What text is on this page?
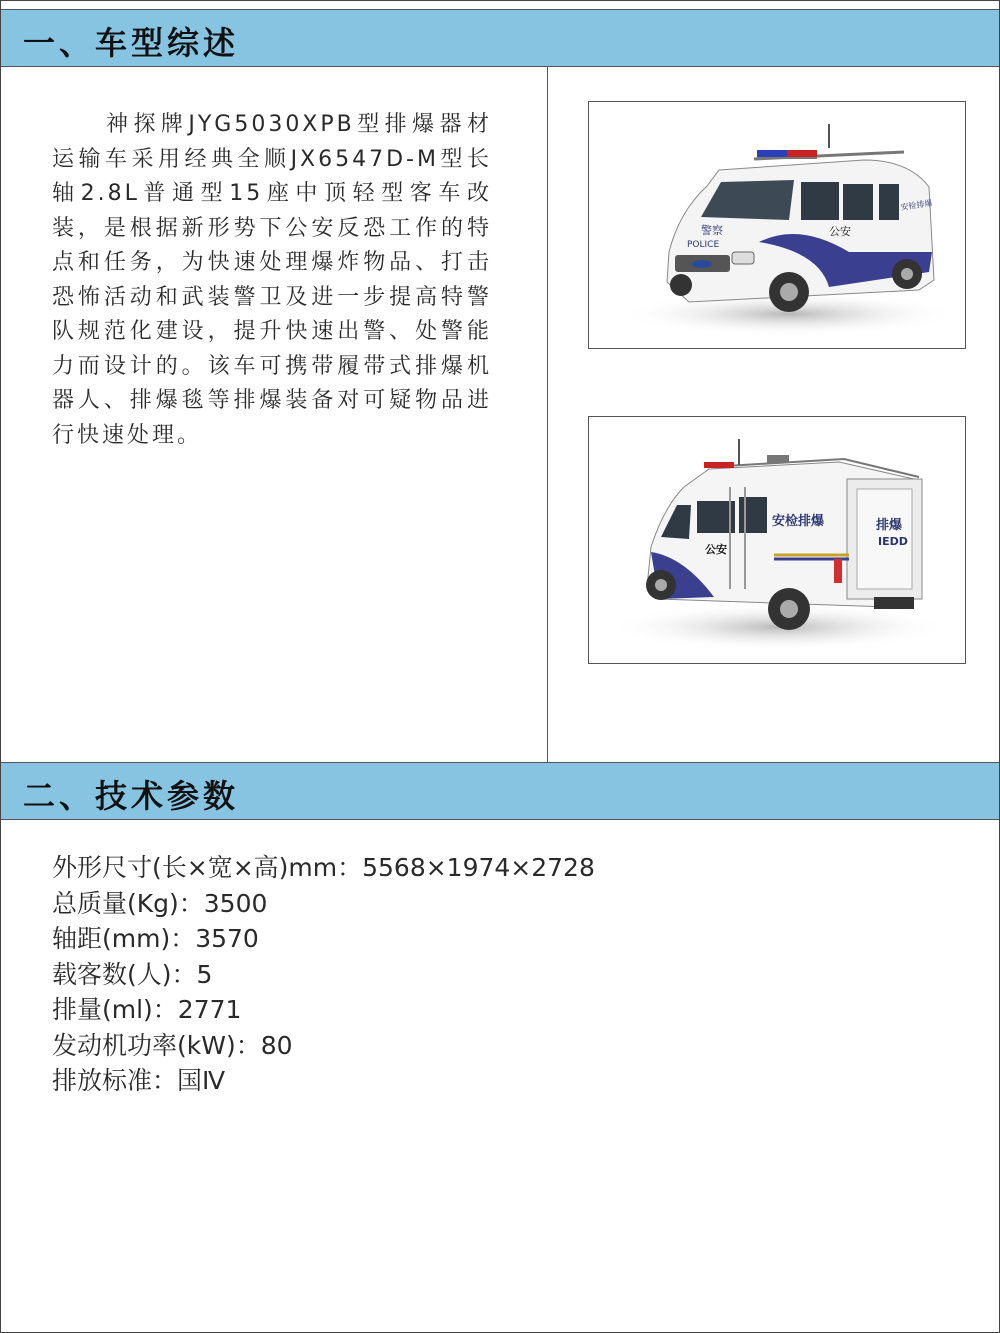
一、车型综述
神探牌JYG5030XPB型排爆器材运输车采用经典全顺JX6547D-M型长轴2.8L普通型15座中顶轻型客车改装，是根据新形势下公安反恐工作的特点和任务，为快速处理爆炸物品、打击恐怖活动和武装警卫及进一步提高特警队规范化建设，提升快速出警、处警能力而设计的。该车可携带履带式排爆机器人、排爆毯等排爆装备对可疑物品进行快速处理。
警察
POLICE
公安
安检排爆
安检排爆
公安
排爆
IEDD
二、技术参数
外形尺寸(长×宽×高)mm：5568×1974×2728
总质量(Kg)：3500
轴距(mm)：3570
载客数(人)：5
排量(ml)：2771
发动机功率(kW)：80
排放标准：国Ⅳ
